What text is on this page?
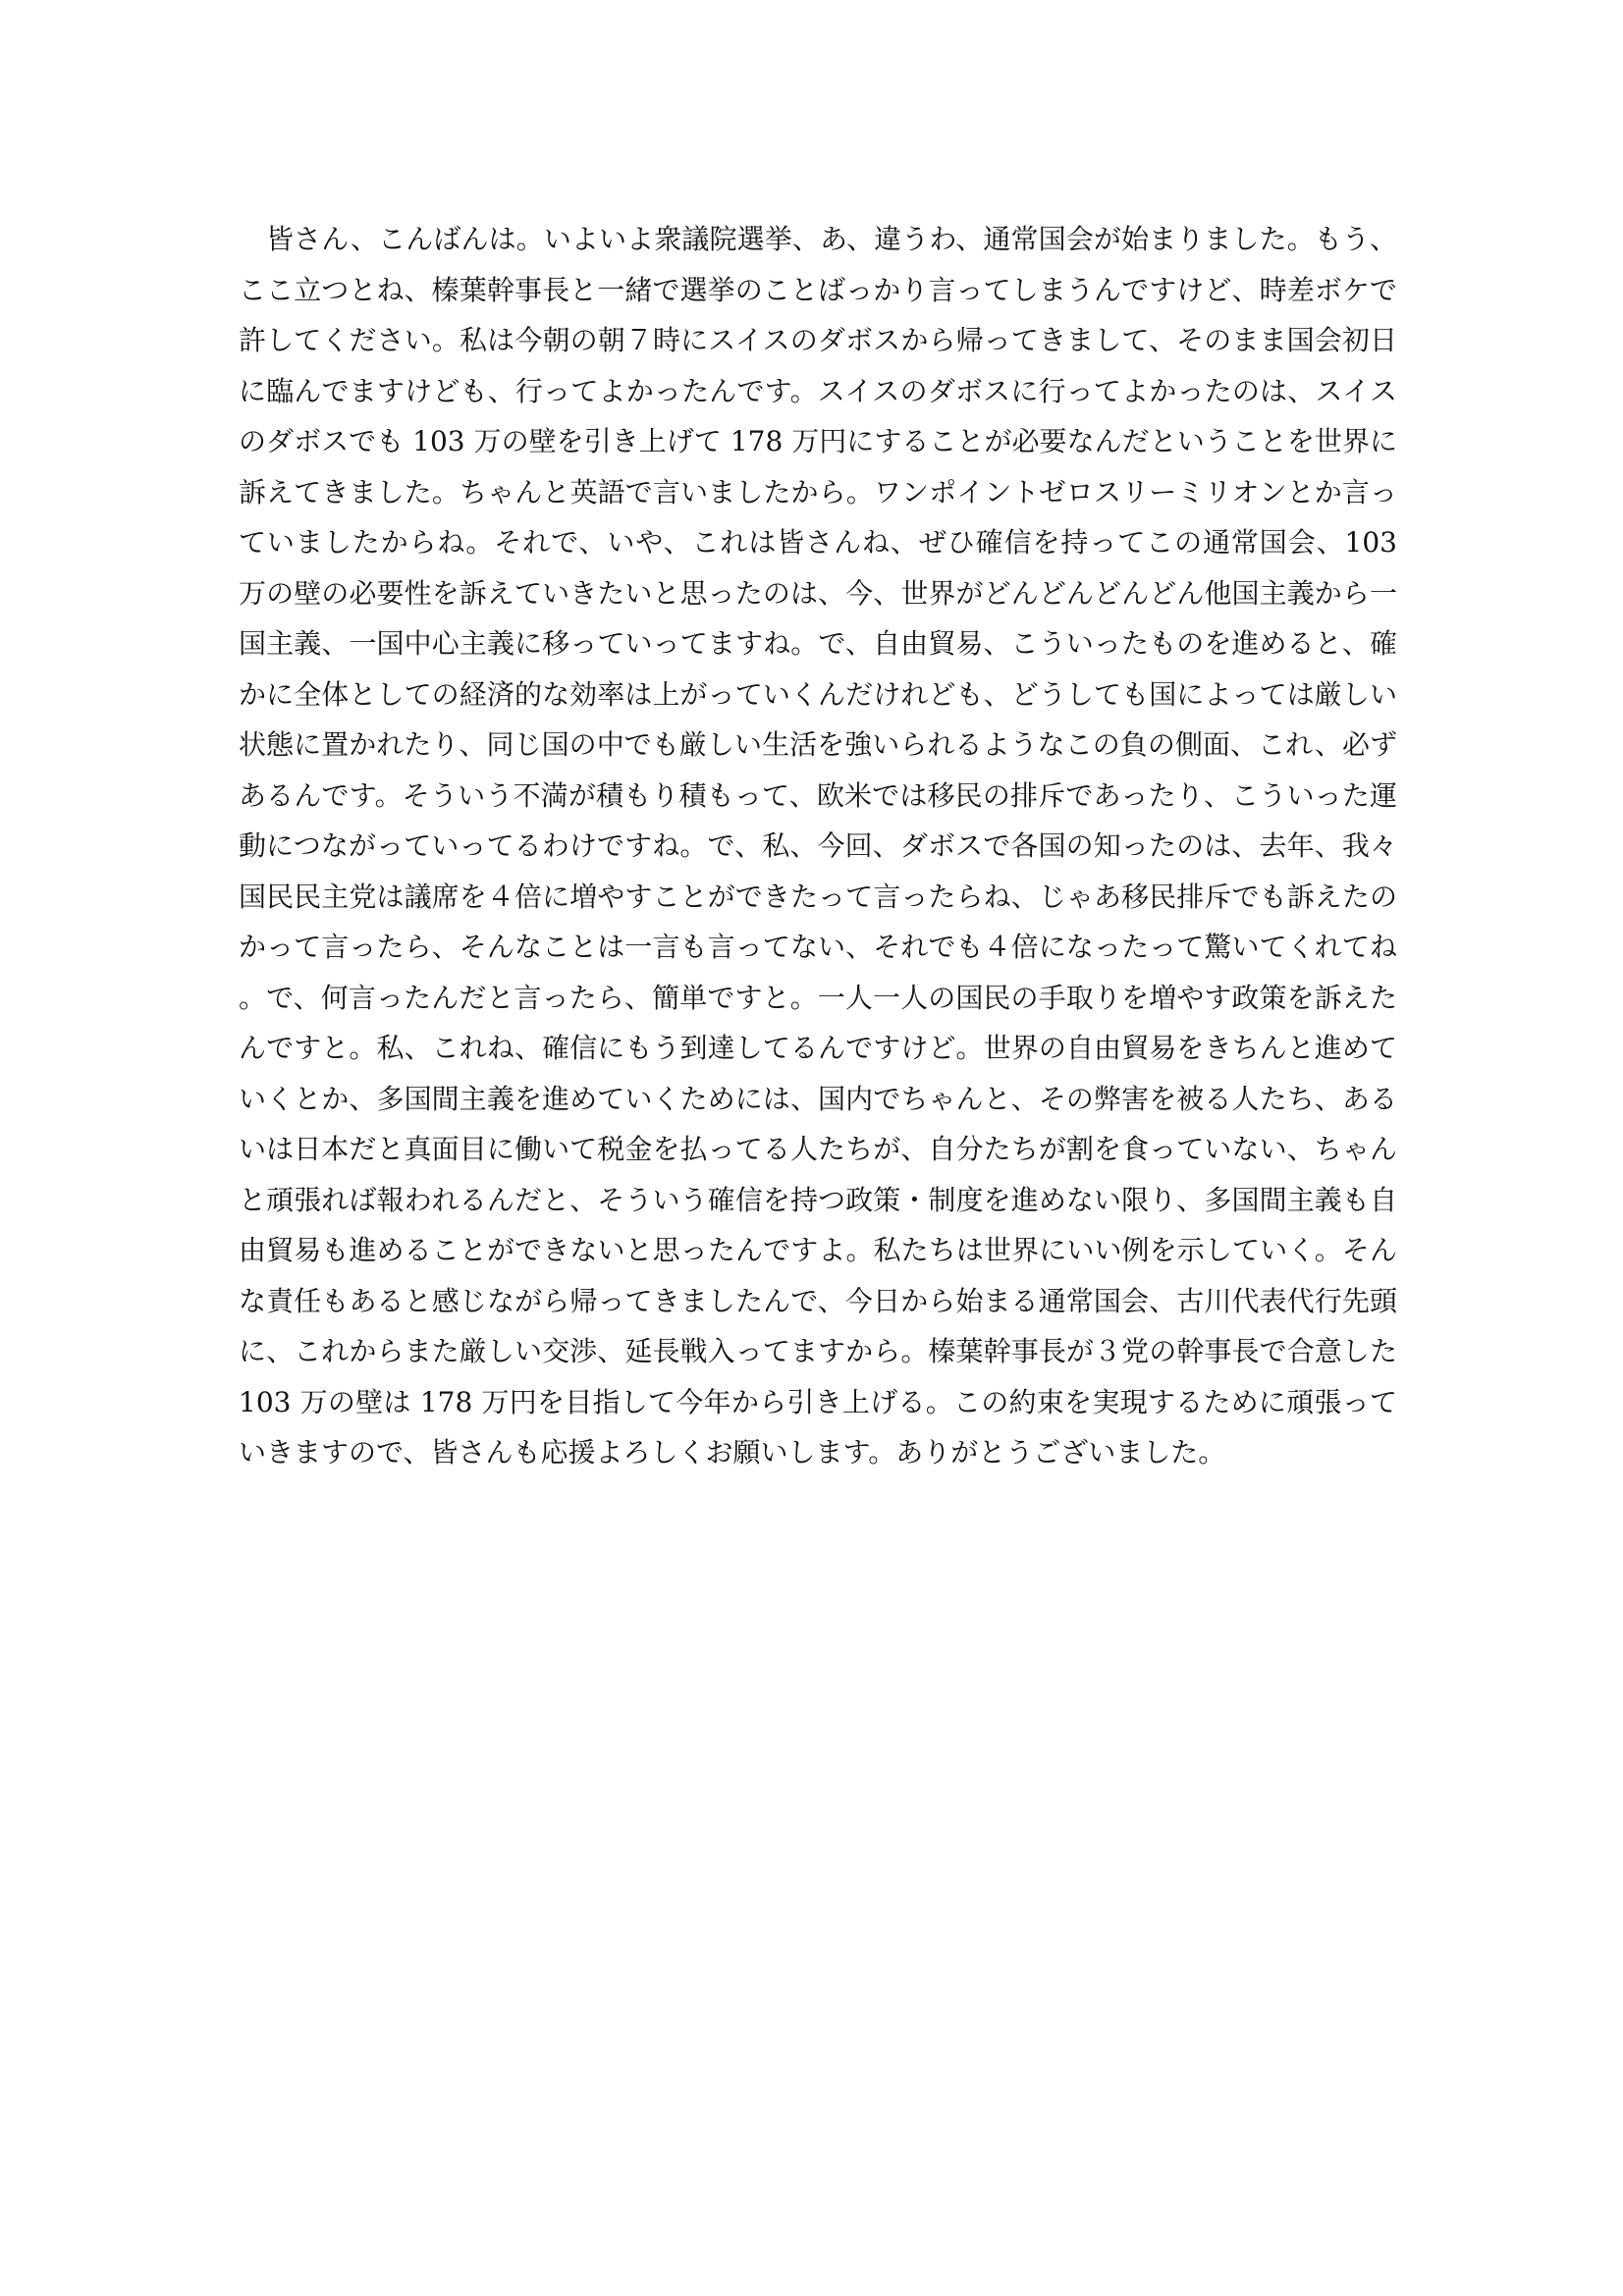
皆さん、こんばんは。いよいよ衆議院選挙、あ、違うわ、通常国会が始まりました。もう、ここ立つとね、榛葉幹事長と一緒で選挙のことばっかり言ってしまうんですけど、時差ボケで許してください。私は今朝の朝７時にスイスのダボスから帰ってきまして、そのまま国会初日に臨んでますけども、行ってよかったんです。スイスのダボスに行ってよかったのは、スイスのダボスでも 103 万の壁を引き上げて 178 万円にすることが必要なんだということを世界に訴えてきました。ちゃんと英語で言いましたから。ワンポイントゼロスリーミリオンとか言っていましたからね。それで、いや、これは皆さんね、ぜひ確信を持ってこの通常国会、103 万の壁の必要性を訴えていきたいと思ったのは、今、世界がどんどんどんどん他国主義から一国主義、一国中心主義に移っていってますね。で、自由貿易、こういったものを進めると、確かに全体としての経済的な効率は上がっていくんだけれども、どうしても国によっては厳しい状態に置かれたり、同じ国の中でも厳しい生活を強いられるようなこの負の側面、これ、必ずあるんです。そういう不満が積もり積もって、欧米では移民の排斥であったり、こういった運動につながっていってるわけですね。で、私、今回、ダボスで各国の知ったのは、去年、我々国民民主党は議席を４倍に増やすことができたって言ったらね、じゃあ移民排斥でも訴えたのかって言ったら、そんなことは一言も言ってない、それでも４倍になったって驚いてくれてね。で、何言ったんだと言ったら、簡単ですと。一人一人の国民の手取りを増やす政策を訴えたんですと。私、これね、確信にもう到達してるんですけど。世界の自由貿易をきちんと進めていくとか、多国間主義を進めていくためには、国内でちゃんと、その弊害を被る人たち、あるいは日本だと真面目に働いて税金を払ってる人たちが、自分たちが割を食っていない、ちゃんと頑張れば報われるんだと、そういう確信を持つ政策・制度を進めない限り、多国間主義も自由貿易も進めることができないと思ったんですよ。私たちは世界にいい例を示していく。そんな責任もあると感じながら帰ってきましたんで、今日から始まる通常国会、古川代表代行先頭に、これからまた厳しい交渉、延長戦入ってますから。榛葉幹事長が３党の幹事長で合意した 103 万の壁は 178 万円を目指して今年から引き上げる。この約束を実現するために頑張っていきますので、皆さんも応援よろしくお願いします。ありがとうございました。
